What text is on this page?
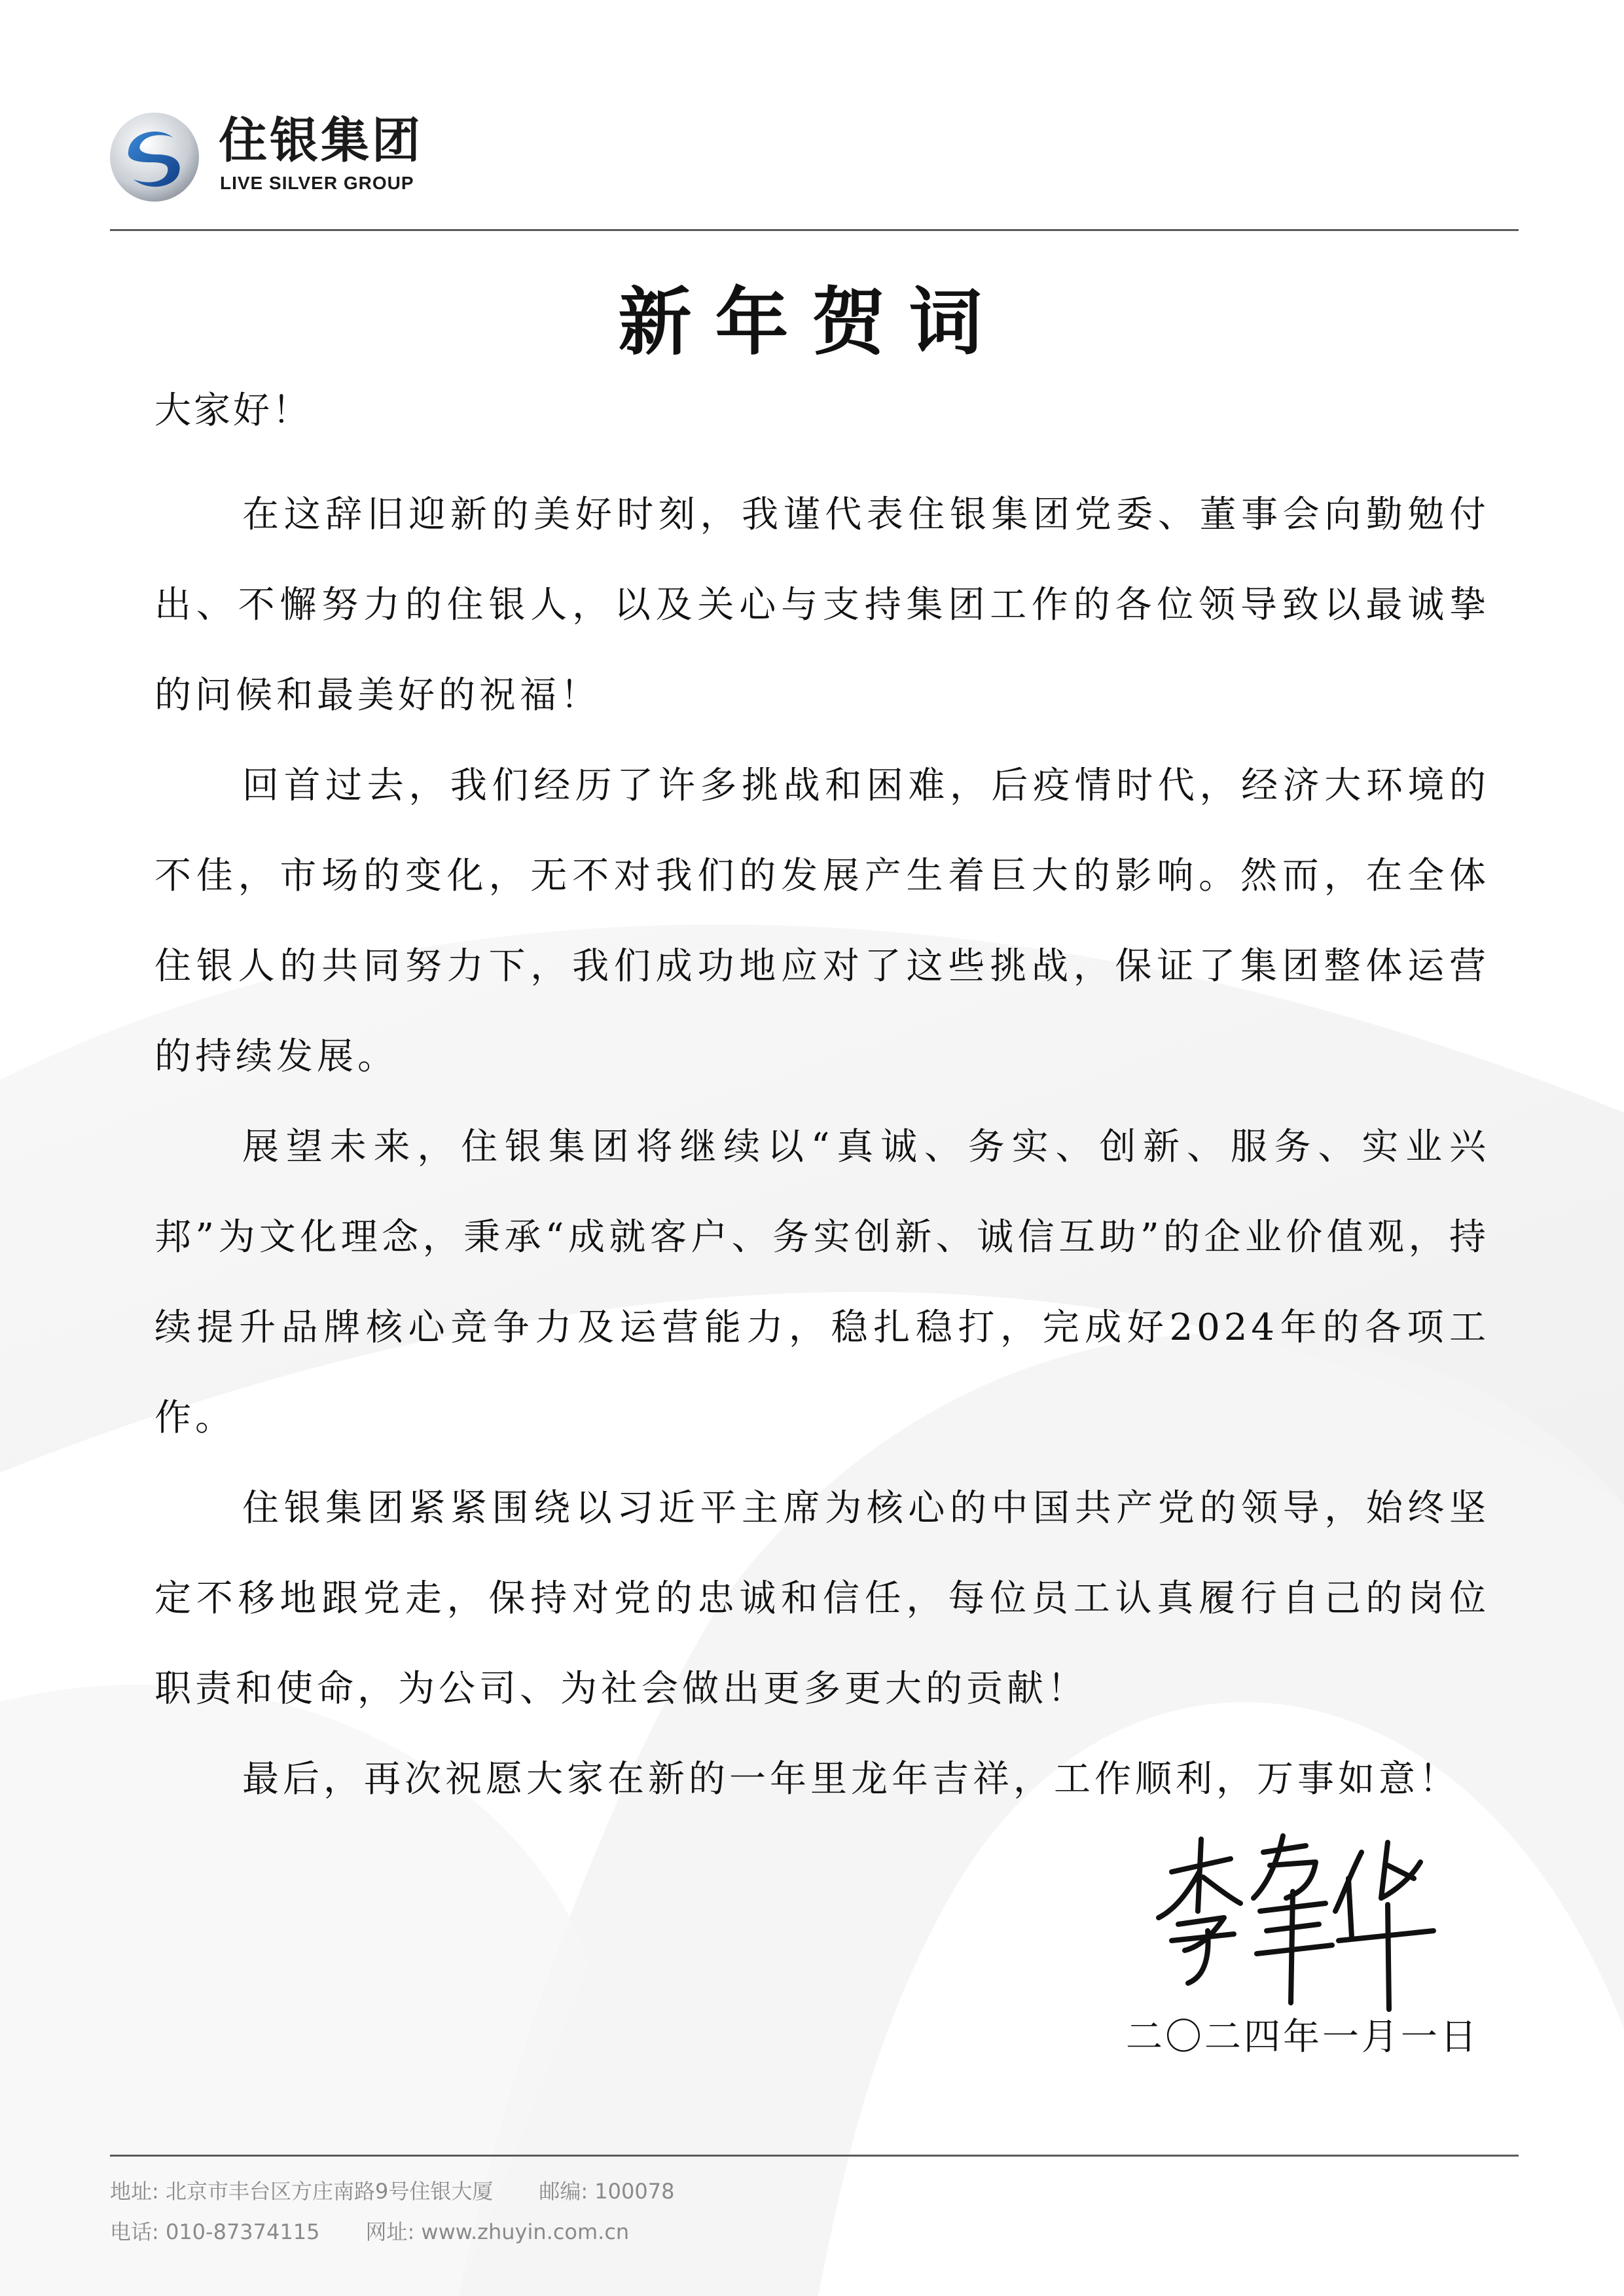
住银集团
LIVE SILVER GROUP
新年贺词

大家好！

在这辞旧迎新的美好时刻，我谨代表住银集团党委、董事会向勤勉付出、不懈努力的住银人，以及关心与支持集团工作的各位领导致以最诚挚的问候和最美好的祝福！

回首过去，我们经历了许多挑战和困难，后疫情时代，经济大环境的不佳，市场的变化，无不对我们的发展产生着巨大的影响。然而，在全体住银人的共同努力下，我们成功地应对了这些挑战，保证了集团整体运营的持续发展。

展望未来，住银集团将继续以“真诚、务实、创新、服务、实业兴邦”为文化理念，秉承“成就客户、务实创新、诚信互助”的企业价值观，持续提升品牌核心竞争力及运营能力，稳扎稳打，完成好2024年的各项工作。

住银集团紧紧围绕以习近平主席为核心的中国共产党的领导，始终坚定不移地跟党走，保持对党的忠诚和信任，每位员工认真履行自己的岗位职责和使命，为公司、为社会做出更多更大的贡献！

最后，再次祝愿大家在新的一年里龙年吉祥，工作顺利，万事如意！

二〇二四年一月一日
地址: 北京市丰台区方庄南路9号住银大厦 邮编: 100078
电话: 010-87374115 网址: www.zhuyin.com.cn
